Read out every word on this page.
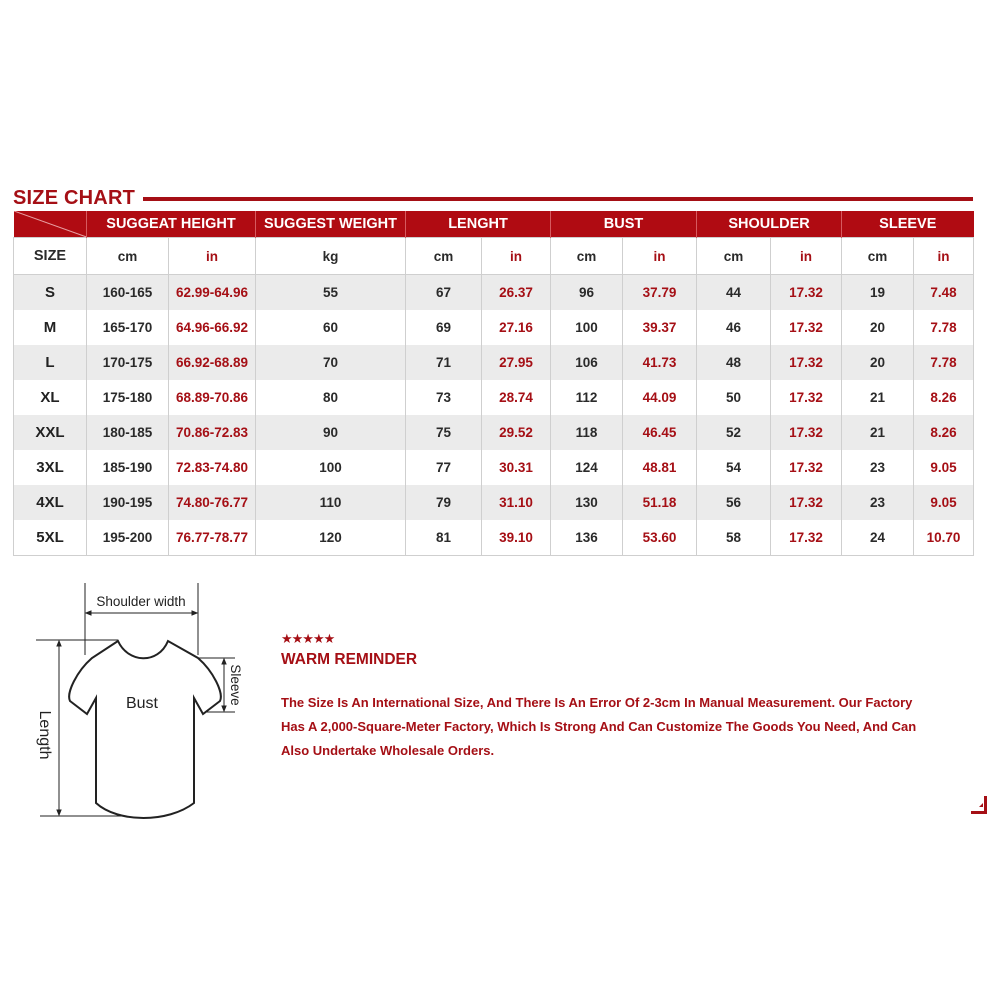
SIZE CHART
	SUGGEAT HEIGHT		SUGGEST WEIGHT	LENGHT		BUST		SHOULDER		SLEEVE	
SIZE	cm	in	kg	cm	in	cm	in	cm	in	cm	in
S	160-165	62.99-64.96	55	67	26.37	96	37.79	44	17.32	19	7.48
M	165-170	64.96-66.92	60	69	27.16	100	39.37	46	17.32	20	7.78
L	170-175	66.92-68.89	70	71	27.95	106	41.73	48	17.32	20	7.78
XL	175-180	68.89-70.86	80	73	28.74	112	44.09	50	17.32	21	8.26
XXL	180-185	70.86-72.83	90	75	29.52	118	46.45	52	17.32	21	8.26
3XL	185-190	72.83-74.80	100	77	30.31	124	48.81	54	17.32	23	9.05
4XL	190-195	74.80-76.77	110	79	31.10	130	51.18	56	17.32	23	9.05
5XL	195-200	76.77-78.77	120	81	39.10	136	53.60	58	17.32	24	10.70
Shoulder width
Bust
Length
Sleeve
★★★★★
WARM REMINDER
The Size Is An International Size, And There Is An Error Of 2-3cm In Manual Measurement. Our Factory Has A 2,000-Square-Meter Factory, Which Is Strong And Can Customize The Goods You Need, And Can Also Undertake Wholesale Orders.
